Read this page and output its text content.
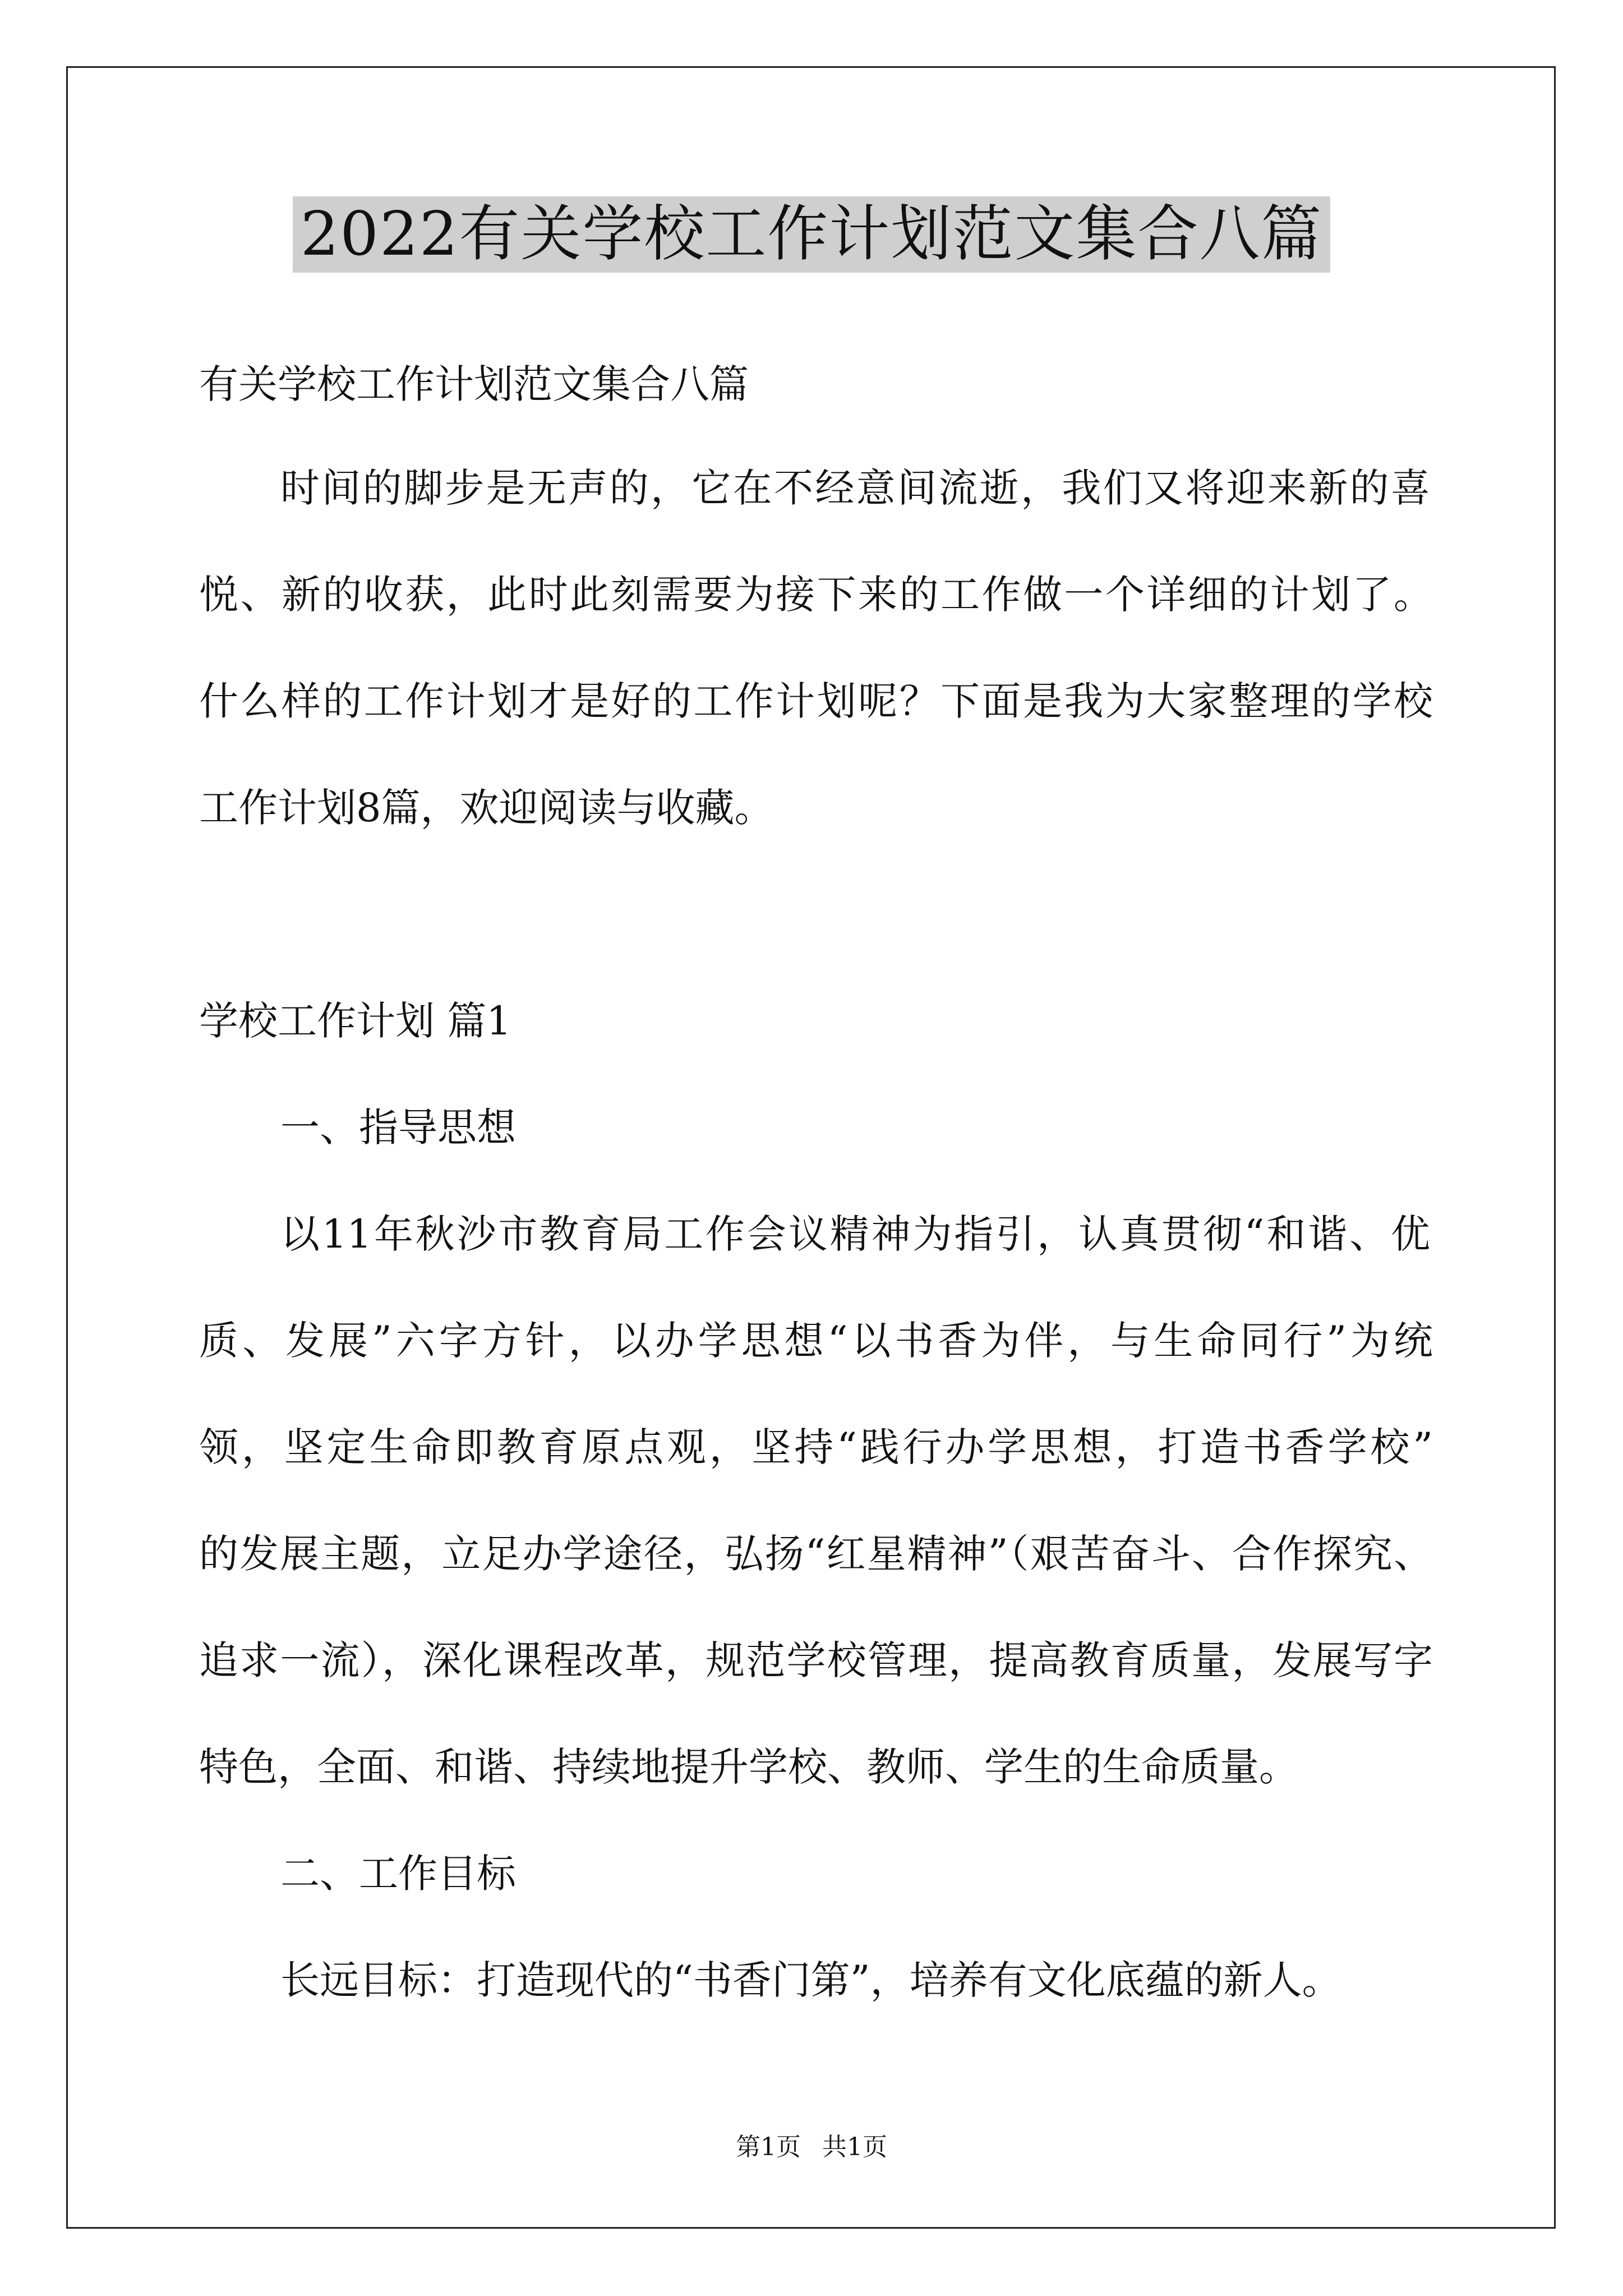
2022有关学校工作计划范文集合八篇
有关学校工作计划范文集合八篇
时间的脚步是无声的，它在不经意间流逝，我们又将迎来新的喜
悦、新的收获，此时此刻需要为接下来的工作做一个详细的计划了。
什么样的工作计划才是好的工作计划呢？下面是我为大家整理的学校
工作计划8篇，欢迎阅读与收藏。
学校工作计划 篇1
一、指导思想
以11年秋沙市教育局工作会议精神为指引，认真贯彻“和谐、优
质、发展”六字方针，以办学思想“以书香为伴，与生命同行”为统
领，坚定生命即教育原点观，坚持“践行办学思想，打造书香学校”
的发展主题，立足办学途径，弘扬“红星精神”（艰苦奋斗、合作探究、
追求一流），深化课程改革，规范学校管理，提高教育质量，发展写字
特色，全面、和谐、持续地提升学校、教师、学生的生命质量。
二、工作目标
长远目标：打造现代的“书香门第”，培养有文化底蕴的新人。
第1页 共1页
